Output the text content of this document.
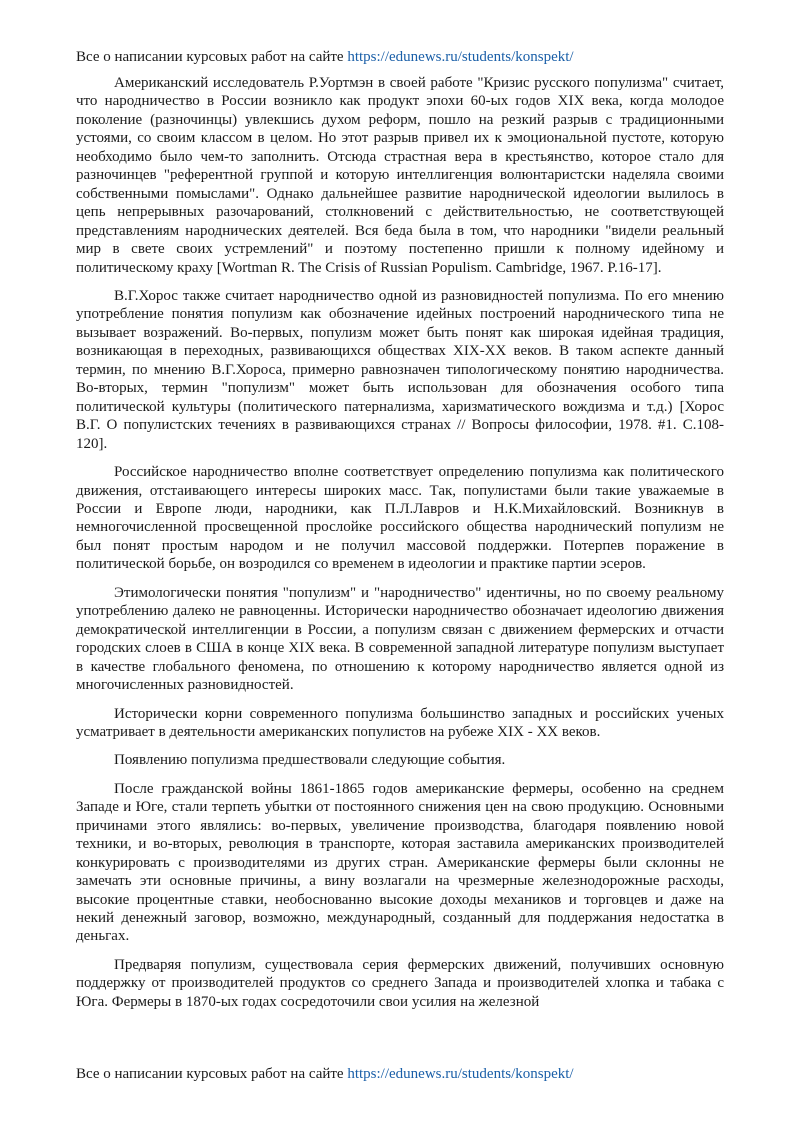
Все о написании курсовых работ на сайте https://edunews.ru/students/konspekt/

Американский исследователь Р.Уортмэн в своей работе "Кризис русского популизма" считает, что народничество в России возникло как продукт эпохи 60-ых годов XIX века, когда молодое поколение (разночинцы) увлекшись духом реформ, пошло на резкий разрыв с традиционными устоями, со своим классом в целом. Но этот разрыв привел их к эмоциональной пустоте, которую необходимо было чем-то заполнить. Отсюда страстная вера в крестьянство, которое стало для разночинцев "референтной группой и которую интеллигенция волюнтаристски наделяла своими собственными помыслами". Однако дальнейшее развитие народнической идеологии вылилось в цепь непрерывных разочарований, столкновений с действительностью, не соответствующей представлениям народнических деятелей. Вся беда была в том, что народники "видели реальный мир в свете своих устремлений" и поэтому постепенно пришли к полному идейному и политическому краху [Wortman R. The Crisis of Russian Populism. Cambridge, 1967. P.16-17].

В.Г.Хорос также считает народничество одной из разновидностей популизма. По его мнению употребление понятия популизм как обозначение идейных построений народнического типа не вызывает возражений. Во-первых, популизм может быть понят как широкая идейная традиция, возникающая в переходных, развивающихся обществах XIX-XX веков. В таком аспекте данный термин, по мнению В.Г.Хороса, примерно равнозначен типологическому понятию народничества. Во-вторых, термин "популизм" может быть использован для обозначения особого типа политической культуры (политического патернализма, харизматического вождизма и т.д.) [Хорос В.Г. О популистских течениях в развивающихся странах // Вопросы философии, 1978. #1. С.108-120].

Российское народничество вполне соответствует определению популизма как политического движения, отстаивающего интересы широких масс. Так, популистами были такие уважаемые в России и Европе люди, народники, как П.Л.Лавров и Н.К.Михайловский. Возникнув в немногочисленной просвещенной прослойке российского общества народнический популизм не был понят простым народом и не получил массовой поддержки. Потерпев поражение в политической борьбе, он возродился со временем в идеологии и практике партии эсеров.

Этимологически понятия "популизм" и "народничество" идентичны, но по своему реальному употреблению далеко не равноценны. Исторически народничество обозначает идеологию движения демократической интеллигенции в России, а популизм связан с движением фермерских и отчасти городских слоев в США в конце XIX века. В современной западной литературе популизм выступает в качестве глобального феномена, по отношению к которому народничество является одной из многочисленных разновидностей.

Исторически корни современного популизма большинство западных и российских ученых усматривает в деятельности американских популистов на рубеже XIX - XX веков.

Появлению популизма предшествовали следующие события.

После гражданской войны 1861-1865 годов американские фермеры, особенно на среднем Западе и Юге, стали терпеть убытки от постоянного снижения цен на свою продукцию. Основными причинами этого являлись: во-первых, увеличение производства, благодаря появлению новой техники, и во-вторых, революция в транспорте, которая заставила американских производителей конкурировать с производителями из других стран. Американские фермеры были склонны не замечать эти основные причины, а вину возлагали на чрезмерные железнодорожные расходы, высокие процентные ставки, необоснованно высокие доходы механиков и торговцев и даже на некий денежный заговор, возможно, международный, созданный для поддержания недостатка в деньгах.

Предваряя популизм, существовала серия фермерских движений, получивших основную поддержку от производителей продуктов со среднего Запада и производителей хлопка и табака с Юга. Фермеры в 1870-ых годах сосредоточили свои усилия на железной

Все о написании курсовых работ на сайте https://edunews.ru/students/konspekt/
